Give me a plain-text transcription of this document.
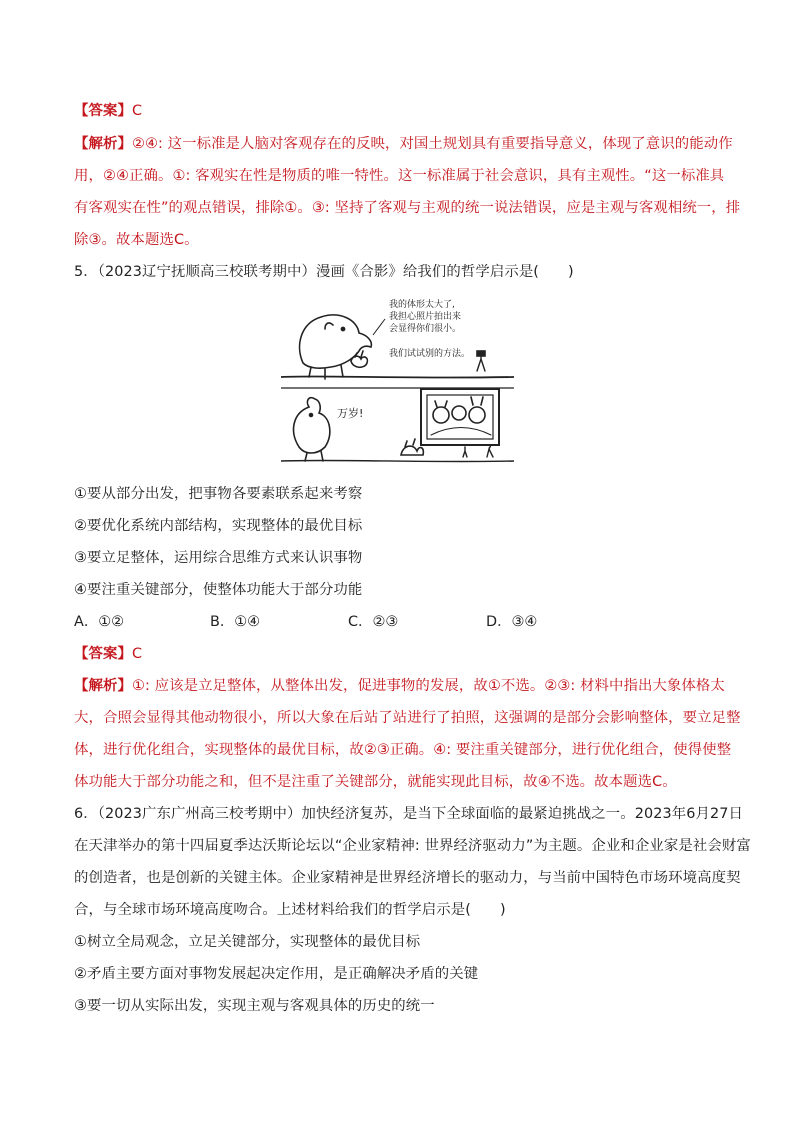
【答案】C
【解析】②④: 这一标准是人脑对客观存在的反映，对国土规划具有重要指导意义，体现了意识的能动作
用，②④正确。①: 客观实在性是物质的唯一特性。这一标准属于社会意识，具有主观性。“这一标准具
有客观实在性”的观点错误，排除①。③: 坚持了客观与主观的统一说法错误，应是主观与客观相统一，排
除③。故本题选C。
5．（2023辽宁抚顺高三校联考期中）漫画《合影》给我们的哲学启示是(　　)
我的体形太大了,
我担心照片拍出来
会显得你们很小。
我们试试别的方法。
万岁!
①要从部分出发，把事物各要素联系起来考察
②要优化系统内部结构，实现整体的最优目标
③要立足整体，运用综合思维方式来认识事物
④要注重关键部分，使整体功能大于部分功能
A．①②	B．①④	C．②③	D．③④
【答案】C
【解析】①: 应该是立足整体，从整体出发，促进事物的发展，故①不选。②③: 材料中指出大象体格太
大，合照会显得其他动物很小，所以大象在后站了站进行了拍照，这强调的是部分会影响整体，要立足整
体，进行优化组合，实现整体的最优目标，故②③正确。④: 要注重关键部分，进行优化组合，使得使整
体功能大于部分功能之和，但不是注重了关键部分，就能实现此目标，故④不选。故本题选C。
6．（2023广东广州高三校考期中）加快经济复苏，是当下全球面临的最紧迫挑战之一。2023年6月27日
在天津举办的第十四届夏季达沃斯论坛以“企业家精神: 世界经济驱动力”为主题。企业和企业家是社会财富
的创造者，也是创新的关键主体。企业家精神是世界经济增长的驱动力，与当前中国特色市场环境高度契
合，与全球市场环境高度吻合。上述材料给我们的哲学启示是(　　)
①树立全局观念，立足关键部分，实现整体的最优目标
②矛盾主要方面对事物发展起决定作用，是正确解决矛盾的关键
③要一切从实际出发，实现主观与客观具体的历史的统一
